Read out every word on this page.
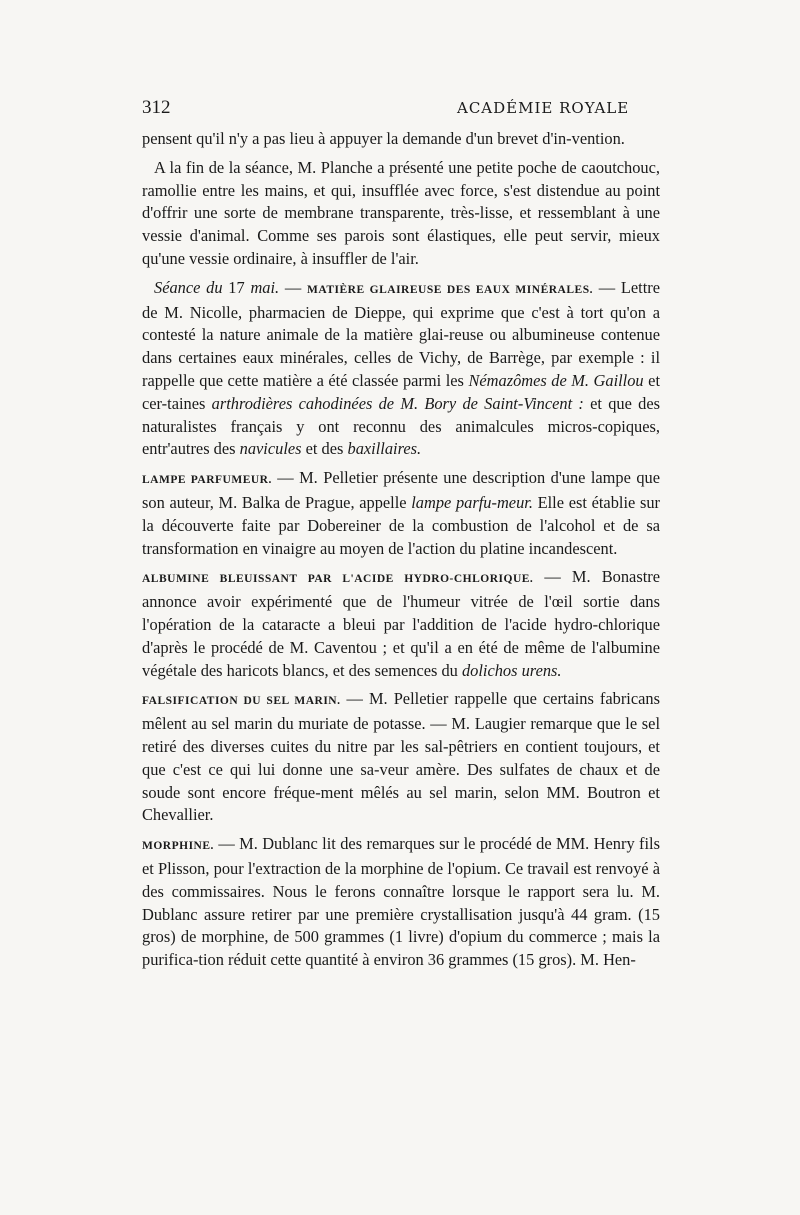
312	ACADÉMIE ROYALE

pensent qu'il n'y a pas lieu à appuyer la demande d'un brevet d'in-vention.

A la fin de la séance, M. Planche a présenté une petite poche de caoutchouc, ramollie entre les mains, et qui, insufflée avec force, s'est distendue au point d'offrir une sorte de membrane transparente, très-lisse, et ressemblant à une vessie d'animal. Comme ses parois sont élastiques, elle peut servir, mieux qu'une vessie ordinaire, à insuffler de l'air.

Séance du 17 mai. — MATIÈRE GLAIREUSE DES EAUX MINÉRALES. — Lettre de M. Nicolle, pharmacien de Dieppe, qui exprime que c'est à tort qu'on a contesté la nature animale de la matière glai-reuse ou albumineuse contenue dans certaines eaux minérales, celles de Vichy, de Barrège, par exemple : il rappelle que cette matière a été classée parmi les Némazômes de M. Gaillou et cer-taines arthrodières cahodinées de M. Bory de Saint-Vincent : et que des naturalistes français y ont reconnu des animalcules micros-copiques, entr'autres des navicules et des baxillaires.

LAMPE PARFUMEUR. — M. Pelletier présente une description d'une lampe que son auteur, M. Balka de Prague, appelle lampe parfu-meur. Elle est établie sur la découverte faite par Dobereiner de la combustion de l'alcohol et de sa transformation en vinaigre au moyen de l'action du platine incandescent.

ALBUMINE BLEUISSANT PAR L'ACIDE HYDRO-CHLORIQUE. — M. Bonastre annonce avoir expérimenté que de l'humeur vitrée de l'œil sortie dans l'opération de la cataracte a bleui par l'addition de l'acide hydro-chlorique d'après le procédé de M. Caventou ; et qu'il a en été de même de l'albumine végétale des haricots blancs, et des semences du dolichos urens.

FALSIFICATION DU SEL MARIN. — M. Pelletier rappelle que certains fabricans mêlent au sel marin du muriate de potasse. — M. Laugier remarque que le sel retiré des diverses cuites du nitre par les sal-pêtriers en contient toujours, et que c'est ce qui lui donne une sa-veur amère. Des sulfates de chaux et de soude sont encore fréque-ment mêlés au sel marin, selon MM. Boutron et Chevallier.

MORPHINE. — M. Dublanc lit des remarques sur le procédé de MM. Henry fils et Plisson, pour l'extraction de la morphine de l'opium. Ce travail est renvoyé à des commissaires. Nous le ferons connaître lorsque le rapport sera lu. M. Dublanc assure retirer par une première crystallisation jusqu'à 44 gram. (15 gros) de morphine, de 500 grammes (1 livre) d'opium du commerce ; mais la purifica-tion réduit cette quantité à environ 36 grammes (15 gros). M. Hen-
